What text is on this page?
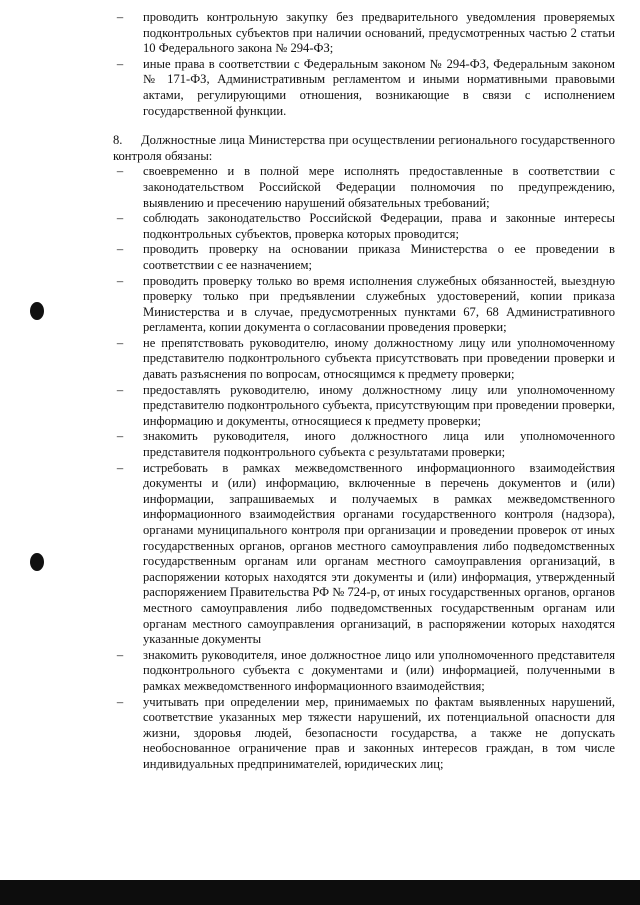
–	проводить контрольную закупку без предварительного уведомления проверяемых подконтрольных субъектов при наличии оснований, предусмотренных частью 2 статьи 10 Федерального закона № 294-ФЗ;

–	иные права в соответствии с Федеральным законом № 294-ФЗ, Федеральным законом № 171-ФЗ, Административным регламентом и иными нормативными правовыми актами, регулирующими отношения, возникающие в связи с исполнением государственной функции.

8. Должностные лица Министерства при осуществлении регионального государственного контроля обязаны:

–	своевременно и в полной мере исполнять предоставленные в соответствии с законодательством Российской Федерации полномочия по предупреждению, выявлению и пресечению нарушений обязательных требований;

–	соблюдать законодательство Российской Федерации, права и законные интересы подконтрольных субъектов, проверка которых проводится;

–	проводить проверку на основании приказа Министерства о ее проведении в соответствии с ее назначением;

–	проводить проверку только во время исполнения служебных обязанностей, выездную проверку только при предъявлении служебных удостоверений, копии приказа Министерства и в случае, предусмотренных пунктами 67, 68 Административного регламента, копии документа о согласовании проведения проверки;

–	не препятствовать руководителю, иному должностному лицу или уполномоченному представителю подконтрольного субъекта присутствовать при проведении проверки и давать разъяснения по вопросам, относящимся к предмету проверки;

–	предоставлять руководителю, иному должностному лицу или уполномоченному представителю подконтрольного субъекта, присутствующим при проведении проверки, информацию и документы, относящиеся к предмету проверки;

–	знакомить руководителя, иного должностного лица или уполномоченного представителя подконтрольного субъекта с результатами проверки;

–	истребовать в рамках межведомственного информационного взаимодействия документы и (или) информацию, включенные в перечень документов и (или) информации, запрашиваемых и получаемых в рамках межведомственного информационного взаимодействия органами государственного контроля (надзора), органами муниципального контроля при организации и проведении проверок от иных государственных органов, органов местного самоуправления либо подведомственных государственным органам или органам местного самоуправления организаций, в распоряжении которых находятся эти документы и (или) информация, утвержденный распоряжением Правительства РФ № 724-р, от иных государственных органов, органов местного самоуправления либо подведомственных государственным органам или органам местного самоуправления организаций, в распоряжении которых находятся указанные документы

–	знакомить руководителя, иное должностное лицо или уполномоченного представителя подконтрольного субъекта с документами и (или) информацией, полученными в рамках межведомственного информационного взаимодействия;

–	учитывать при определении мер, принимаемых по фактам выявленных нарушений, соответствие указанных мер тяжести нарушений, их потенциальной опасности для жизни, здоровья людей, безопасности государства, а также не допускать необоснованное ограничение прав и законных интересов граждан, в том числе индивидуальных предпринимателей, юридических лиц;
